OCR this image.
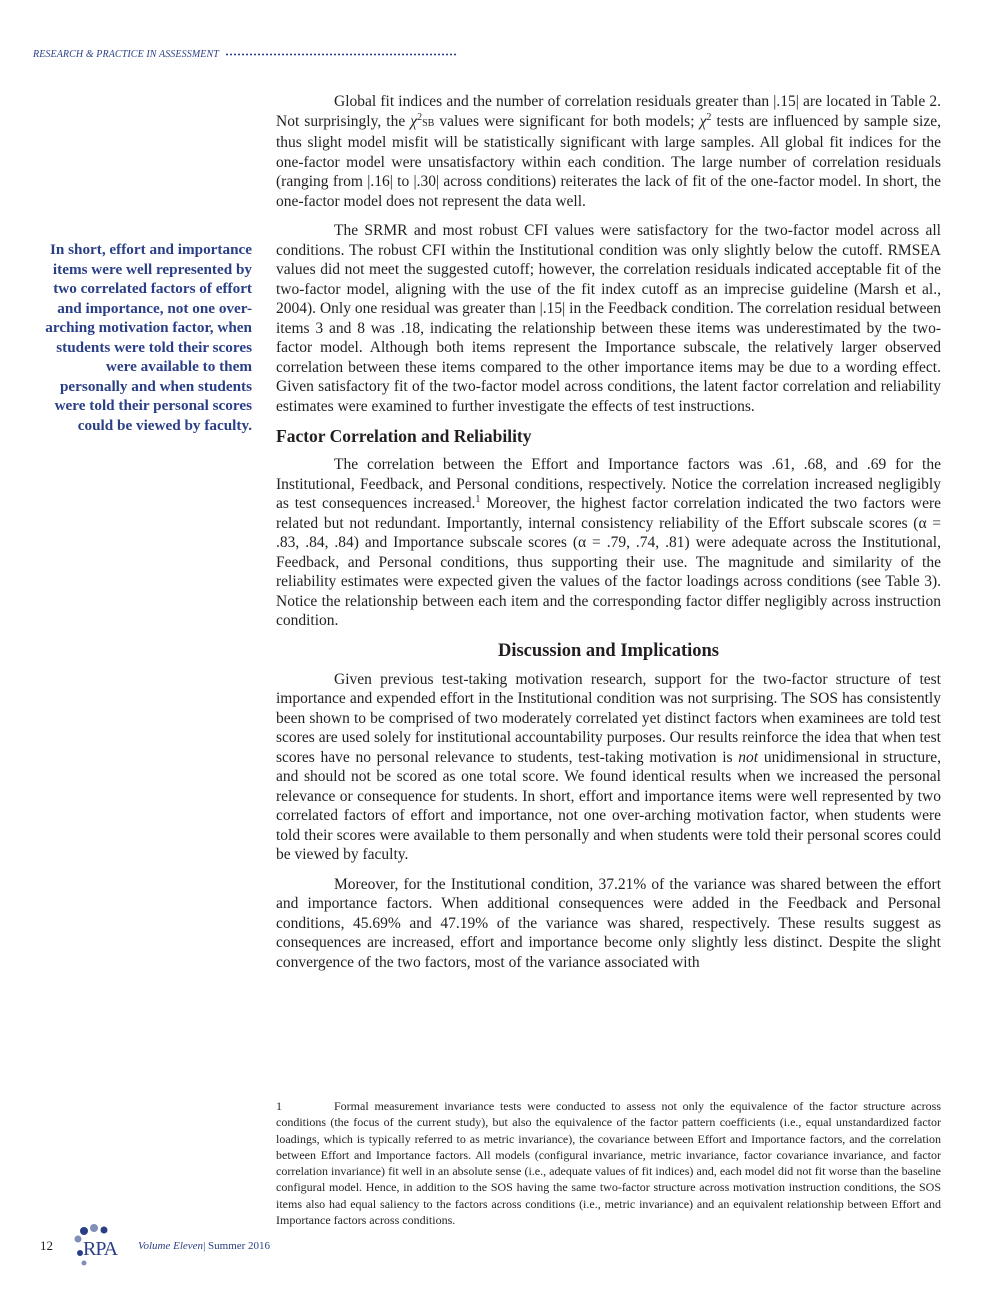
RESEARCH & PRACTICE IN ASSESSMENT
In short, effort and importance items were well represented by two correlated factors of effort and importance, not one over-arching motivation factor, when students were told their scores were available to them personally and when students were told their personal scores could be viewed by faculty.

Global fit indices and the number of correlation residuals greater than |.15| are located in Table 2. Not surprisingly, the $\chi^2SB$ values were significant for both models; $\chi^2$ tests are influenced by sample size, thus slight model misfit will be statistically significant with large samples. All global fit indices for the one-factor model were unsatisfactory within each condition. The large number of correlation residuals (ranging from |.16| to |.30| across conditions) reiterates the lack of fit of the one-factor model. In short, the one-factor model does not represent the data well.

The SRMR and most robust CFI values were satisfactory for the two-factor model across all conditions. The robust CFI within the Institutional condition was only slightly below the cutoff. RMSEA values did not meet the suggested cutoff; however, the correlation residuals indicated acceptable fit of the two-factor model, aligning with the use of the fit index cutoff as an imprecise guideline (Marsh et al., 2004). Only one residual was greater than |.15| in the Feedback condition. The correlation residual between items 3 and 8 was .18, indicating the relationship between these items was underestimated by the two-factor model. Although both items represent the Importance subscale, the relatively larger observed correlation between these items compared to the other importance items may be due to a wording effect. Given satisfactory fit of the two-factor model across conditions, the latent factor correlation and reliability estimates were examined to further investigate the effects of test instructions.

Factor Correlation and Reliability

The correlation between the Effort and Importance factors was .61, .68, and .69 for the Institutional, Feedback, and Personal conditions, respectively. Notice the correlation increased negligibly as test consequences increased.$^1$ Moreover, the highest factor correlation indicated the two factors were related but not redundant. Importantly, internal consistency reliability of the Effort subscale scores (α = .83, .84, .84) and Importance subscale scores (α = .79, .74, .81) were adequate across the Institutional, Feedback, and Personal conditions, thus supporting their use. The magnitude and similarity of the reliability estimates were expected given the values of the factor loadings across conditions (see Table 3). Notice the relationship between each item and the corresponding factor differ negligibly across instruction condition.

Discussion and Implications

Given previous test-taking motivation research, support for the two-factor structure of test importance and expended effort in the Institutional condition was not surprising. The SOS has consistently been shown to be comprised of two moderately correlated yet distinct factors when examinees are told test scores are used solely for institutional accountability purposes. Our results reinforce the idea that when test scores have no personal relevance to students, test-taking motivation is not unidimensional in structure, and should not be scored as one total score. We found identical results when we increased the personal relevance or consequence for students. In short, effort and importance items were well represented by two correlated factors of effort and importance, not one over-arching motivation factor, when students were told their scores were available to them personally and when students were told their personal scores could be viewed by faculty.

Moreover, for the Institutional condition, 37.21% of the variance was shared between the effort and importance factors. When additional consequences were added in the Feedback and Personal conditions, 45.69% and 47.19% of the variance was shared, respectively. These results suggest as consequences are increased, effort and importance become only slightly less distinct. Despite the slight convergence of the two factors, most of the variance associated with

1	Formal measurement invariance tests were conducted to assess not only the equivalence of the factor structure across conditions (the focus of the current study), but also the equivalence of the factor pattern coefficients (i.e., equal unstandardized factor loadings, which is typically referred to as metric invariance), the covariance between Effort and Importance factors, and the correlation between Effort and Importance factors. All models (configural invariance, metric invariance, factor covariance invariance, and factor correlation invariance) fit well in an absolute sense (i.e., adequate values of fit indices) and, each model did not fit worse than the baseline configural model. Hence, in addition to the SOS having the same two-factor structure across motivation instruction conditions, the SOS items also had equal saliency to the factors across conditions (i.e., metric invariance) and an equivalent relationship between Effort and Importance factors across conditions.
12	RPA Volume Eleven| Summer 2016
